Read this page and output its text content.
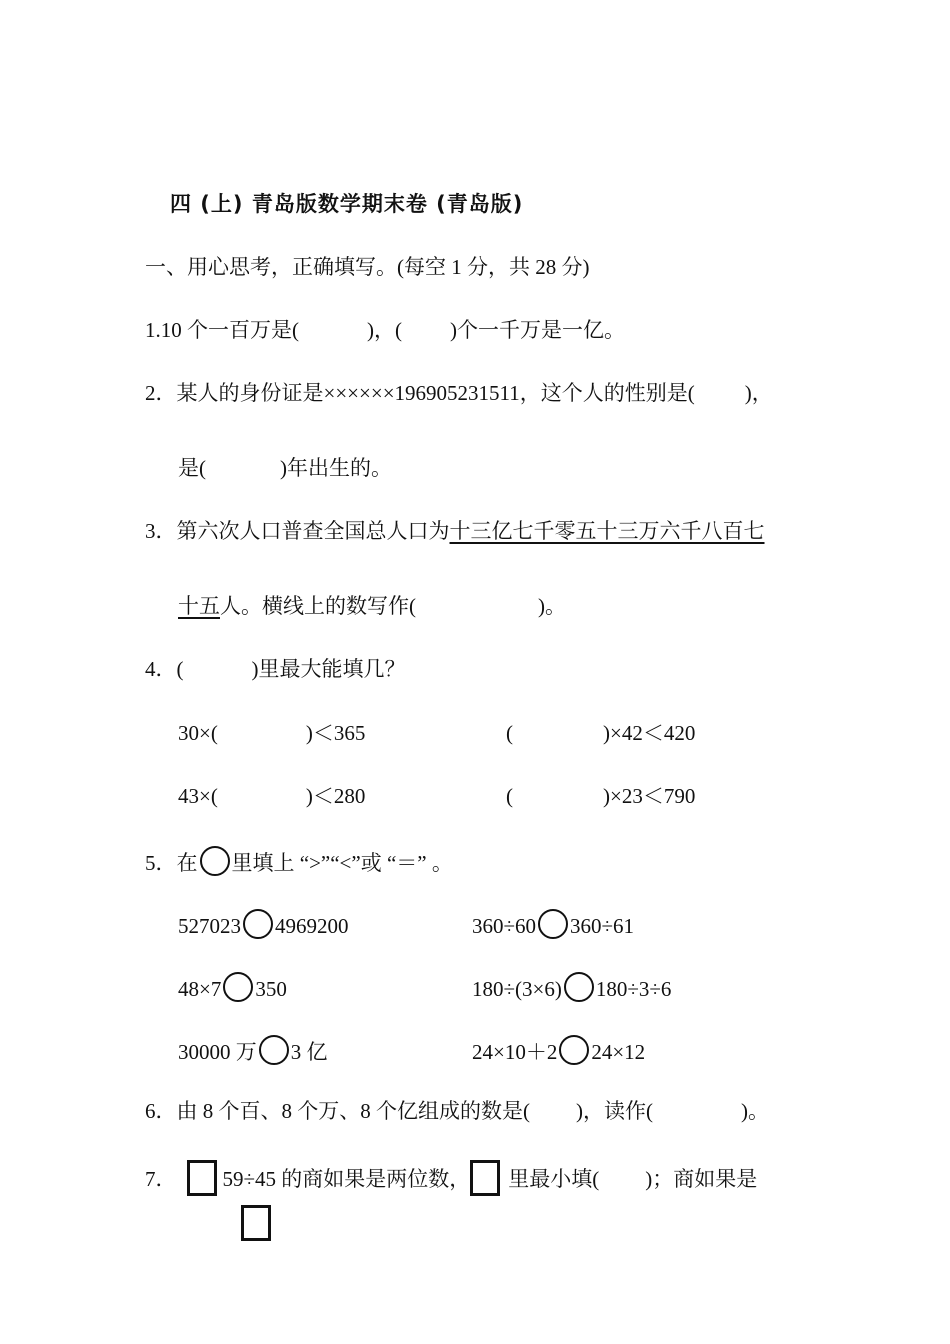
四 (上) 青岛版数学期末卷 (青岛版)
一、用心思考，正确填写。(每空 1 分，共 28 分)
1.10 个一百万是(	)，( )个一千万是一亿。
2．某人的身份证是××××××196905231511，这个人的性别是( )，
是(	)年出生的。
3．第六次人口普查全国总人口为十三亿七千零五十三万六千八百七
十五人。横线上的数写作(	)。
4．(	)里最大能填几？
30×(	)＜365	(	)×42＜420
43×(	)＜280	(	)×23＜790
5．在 里填上 “>”“<”或 “＝” 。
527023 4969200	360÷60 360÷61
48×7 350	180÷(3×6) 180÷3÷6
30000 万 3 亿	24×10＋2 24×12
6．由 8 个百、8 个万、8 个亿组成的数是( )，读作(	)。
7． 59÷45 的商如果是两位数， 里最小填( )；商如果是
